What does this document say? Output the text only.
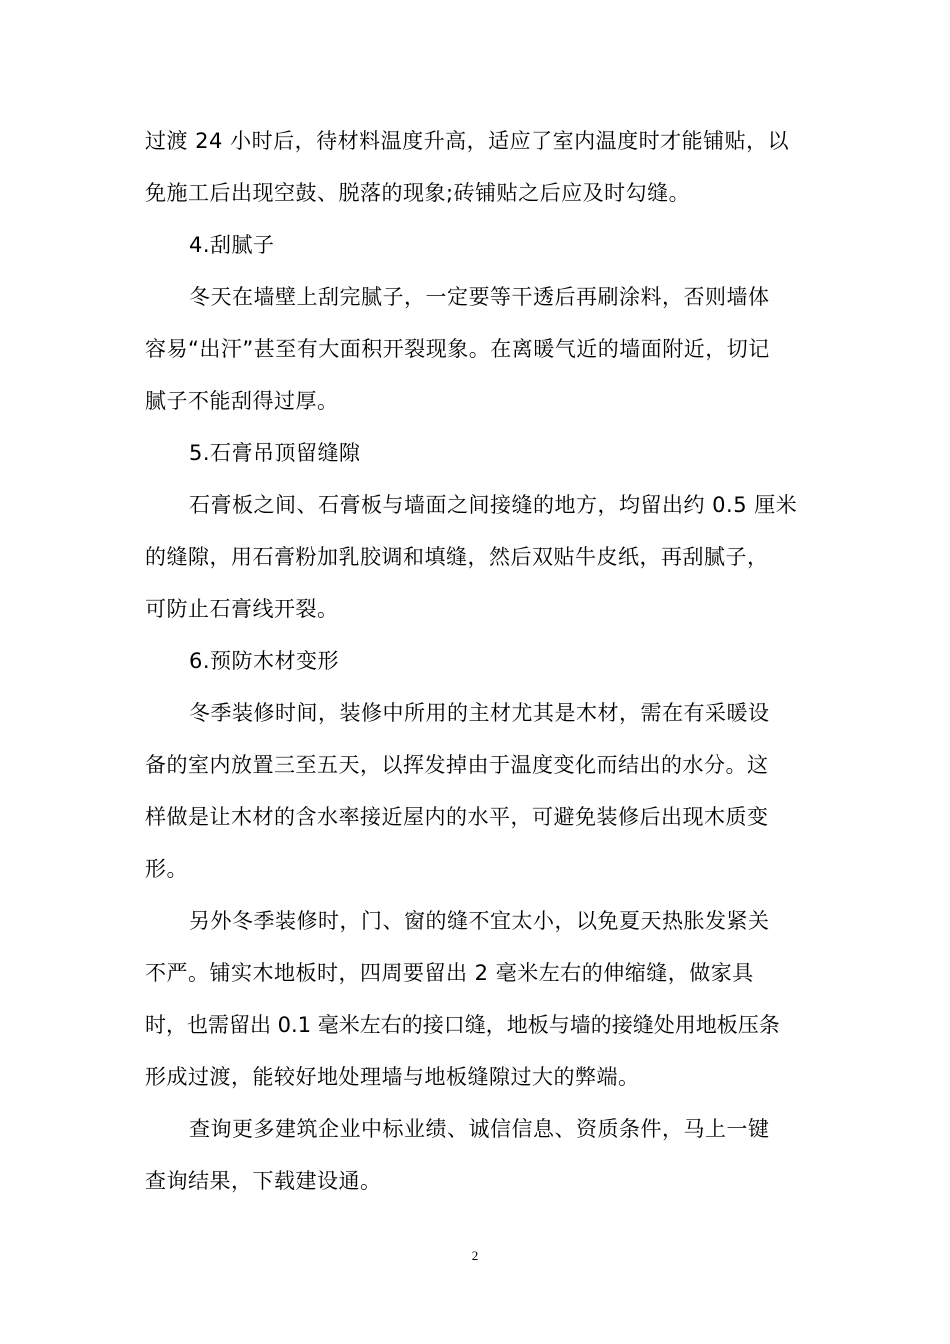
过渡 24 小时后，待材料温度升高，适应了室内温度时才能铺贴，以
免施工后出现空鼓、脱落的现象;砖铺贴之后应及时勾缝。

4.刮腻子

冬天在墙壁上刮完腻子，一定要等干透后再刷涂料，否则墙体
容易“出汗”甚至有大面积开裂现象。在离暖气近的墙面附近，切记
腻子不能刮得过厚。

5.石膏吊顶留缝隙

石膏板之间、石膏板与墙面之间接缝的地方，均留出约 0.5 厘米
的缝隙，用石膏粉加乳胶调和填缝，然后双贴牛皮纸，再刮腻子，
可防止石膏线开裂。

6.预防木材变形

冬季装修时间，装修中所用的主材尤其是木材，需在有采暖设
备的室内放置三至五天，以挥发掉由于温度变化而结出的水分。这
样做是让木材的含水率接近屋内的水平，可避免装修后出现木质变
形。

另外冬季装修时，门、窗的缝不宜太小，以免夏天热胀发紧关
不严。铺实木地板时，四周要留出 2 毫米左右的伸缩缝，做家具
时，也需留出 0.1 毫米左右的接口缝，地板与墙的接缝处用地板压条
形成过渡，能较好地处理墙与地板缝隙过大的弊端。

查询更多建筑企业中标业绩、诚信信息、资质条件，马上一键
查询结果，下载建设通。

2
